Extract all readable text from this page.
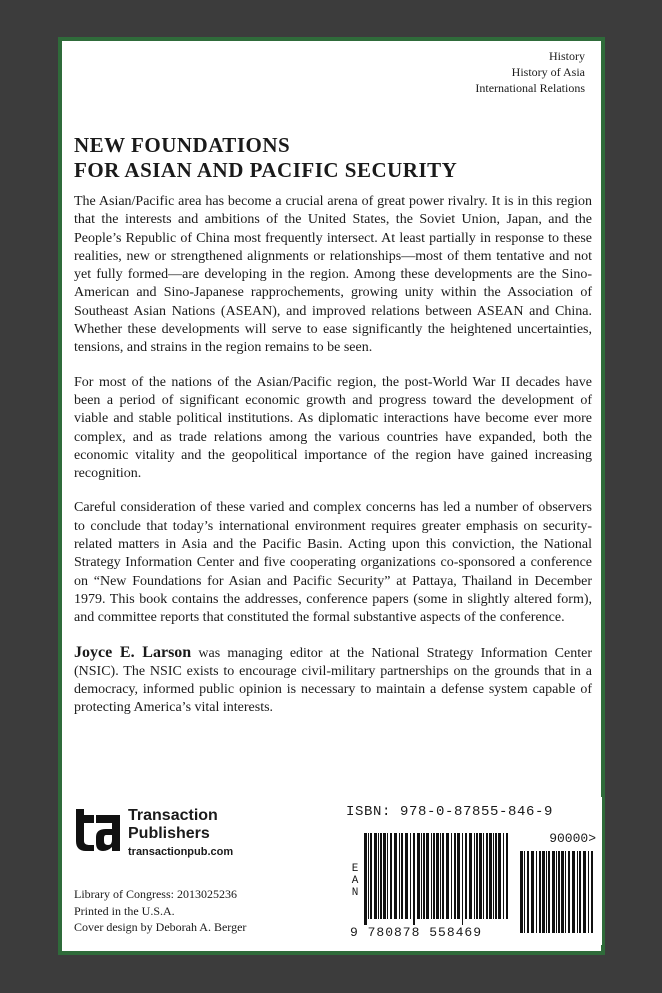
History
History of Asia
International Relations
NEW FOUNDATIONS
FOR ASIAN AND PACIFIC SECURITY

The Asian/Pacific area has become a crucial arena of great power rivalry. It is in this region that the interests and ambitions of the United States, the Soviet Union, Japan, and the People’s Republic of China most frequently intersect. At least partially in response to these realities, new or strengthened alignments or relationships—most of them tentative and not yet fully formed—are developing in the region. Among these developments are the Sino-American and Sino-Japanese rapprochements, growing unity within the Association of Southeast Asian Nations (ASEAN), and improved relations between ASEAN and China. Whether these developments will serve to ease significantly the heightened uncertainties, tensions, and strains in the region remains to be seen.

For most of the nations of the Asian/Pacific region, the post-World War II decades have been a period of significant economic growth and progress toward the development of viable and stable political institutions. As diplomatic interactions have become ever more complex, and as trade relations among the various countries have expanded, both the economic vitality and the geopolitical importance of the region have gained increasing recognition.

Careful consideration of these varied and complex concerns has led a number of observers to conclude that today’s international environment requires greater emphasis on security-related matters in Asia and the Pacific Basin. Acting upon this conviction, the National Strategy Information Center and five cooperating organizations co-sponsored a conference on “New Foundations for Asian and Pacific Security” at Pattaya, Thailand in December 1979. This book contains the addresses, conference papers (some in slightly altered form), and committee reports that constituted the formal substantive aspects of the conference.

Joyce E. Larson was managing editor at the National Strategy Information Center (NSIC). The NSIC exists to encourage civil-military partnerships on the grounds that in a democracy, informed public opinion is necessary to maintain a defense system capable of protecting America’s vital interests.

Transaction
Publishers
transactionpub.com
Library of Congress: 2013025236
Printed in the U.S.A.
Cover design by Deborah A. Berger
ISBN: 978-0-87855-846-9
90000>
EAN
9 780878 558469
